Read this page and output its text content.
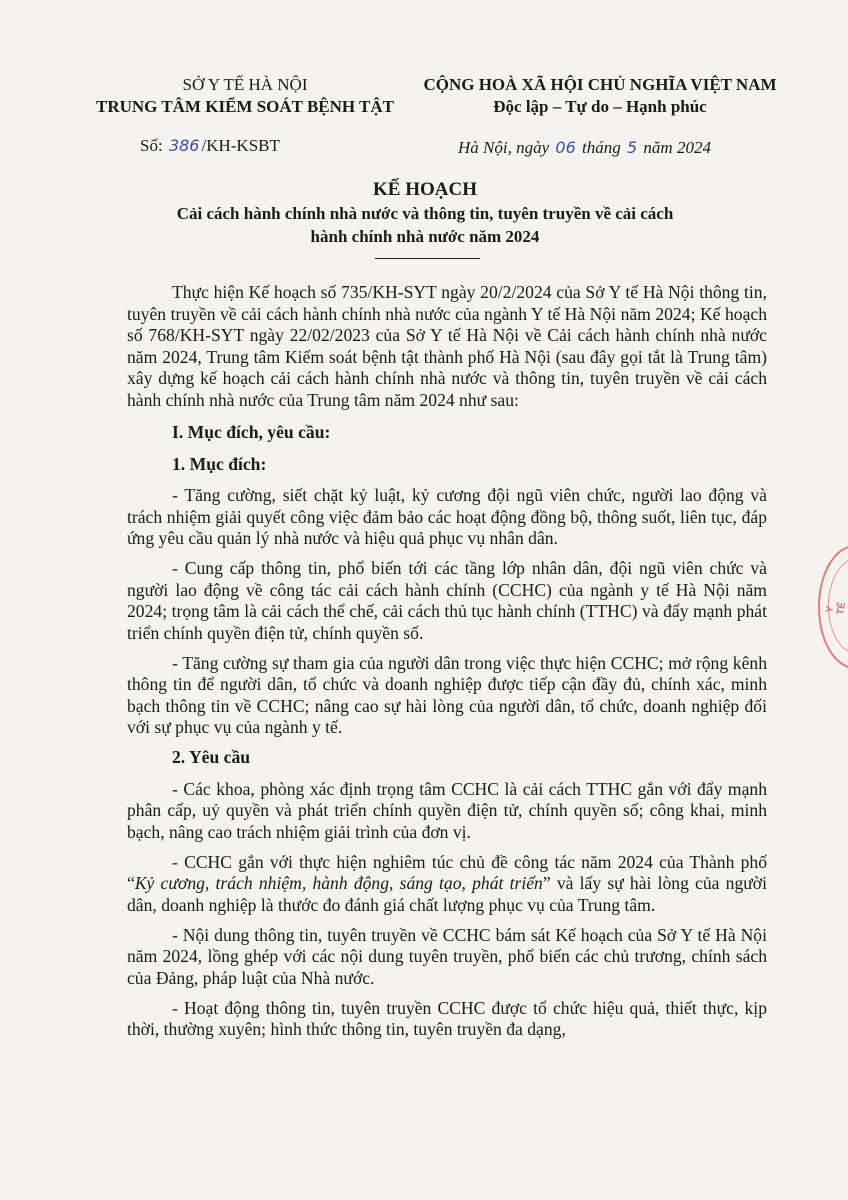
SỞ Y TẾ HÀ NỘI
TRUNG TÂM KIỂM SOÁT BỆNH TẬT
CỘNG HOÀ XÃ HỘI CHỦ NGHĨA VIỆT NAM
Độc lập – Tự do – Hạnh phúc
Số: 386 /KH-KSBT	Hà Nội, ngày 06 tháng 5 năm 2024
KẾ HOẠCH
Cải cách hành chính nhà nước và thông tin, tuyên truyền về cải cách
hành chính nhà nước năm 2024

Thực hiện Kế hoạch số 735/KH-SYT ngày 20/2/2024 của Sở Y tế Hà Nội thông tin, tuyên truyền về cải cách hành chính nhà nước của ngành Y tế Hà Nội năm 2024; Kế hoạch số 768/KH-SYT ngày 22/02/2023 của Sở Y tế Hà Nội về Cải cách hành chính nhà nước năm 2024, Trung tâm Kiểm soát bệnh tật thành phố Hà Nội (sau đây gọi tắt là Trung tâm) xây dựng kế hoạch cải cách hành chính nhà nước và thông tin, tuyên truyền về cải cách hành chính nhà nước của Trung tâm năm 2024 như sau:

I. Mục đích, yêu cầu:

1. Mục đích:

- Tăng cường, siết chặt kỷ luật, kỷ cương đội ngũ viên chức, người lao động và trách nhiệm giải quyết công việc đảm bảo các hoạt động đồng bộ, thông suốt, liên tục, đáp ứng yêu cầu quản lý nhà nước và hiệu quả phục vụ nhân dân.

- Cung cấp thông tin, phổ biến tới các tầng lớp nhân dân, đội ngũ viên chức và người lao động về công tác cải cách hành chính (CCHC) của ngành y tế Hà Nội năm 2024; trọng tâm là cải cách thể chế, cải cách thủ tục hành chính (TTHC) và đẩy mạnh phát triển chính quyền điện tử, chính quyền số.

- Tăng cường sự tham gia của người dân trong việc thực hiện CCHC; mở rộng kênh thông tin để người dân, tổ chức và doanh nghiệp được tiếp cận đầy đủ, chính xác, minh bạch thông tin về CCHC; nâng cao sự hài lòng của người dân, tổ chức, doanh nghiệp đối với sự phục vụ của ngành y tế.

2. Yêu cầu

- Các khoa, phòng xác định trọng tâm CCHC là cải cách TTHC gắn với đẩy mạnh phân cấp, uỷ quyền và phát triển chính quyền điện tử, chính quyền số; công khai, minh bạch, nâng cao trách nhiệm giải trình của đơn vị.

- CCHC gắn với thực hiện nghiêm túc chủ đề công tác năm 2024 của Thành phố “Kỷ cương, trách nhiệm, hành động, sáng tạo, phát triển” và lấy sự hài lòng của người dân, doanh nghiệp là thước đo đánh giá chất lượng phục vụ của Trung tâm.

- Nội dung thông tin, tuyên truyền về CCHC bám sát Kế hoạch của Sở Y tế Hà Nội năm 2024, lồng ghép với các nội dung tuyên truyền, phổ biến các chủ trương, chính sách của Đảng, pháp luật của Nhà nước.

- Hoạt động thông tin, tuyên truyền CCHC được tổ chức hiệu quả, thiết thực, kịp thời, thường xuyên; hình thức thông tin, tuyên truyền đa dạng,

Y TẾ
